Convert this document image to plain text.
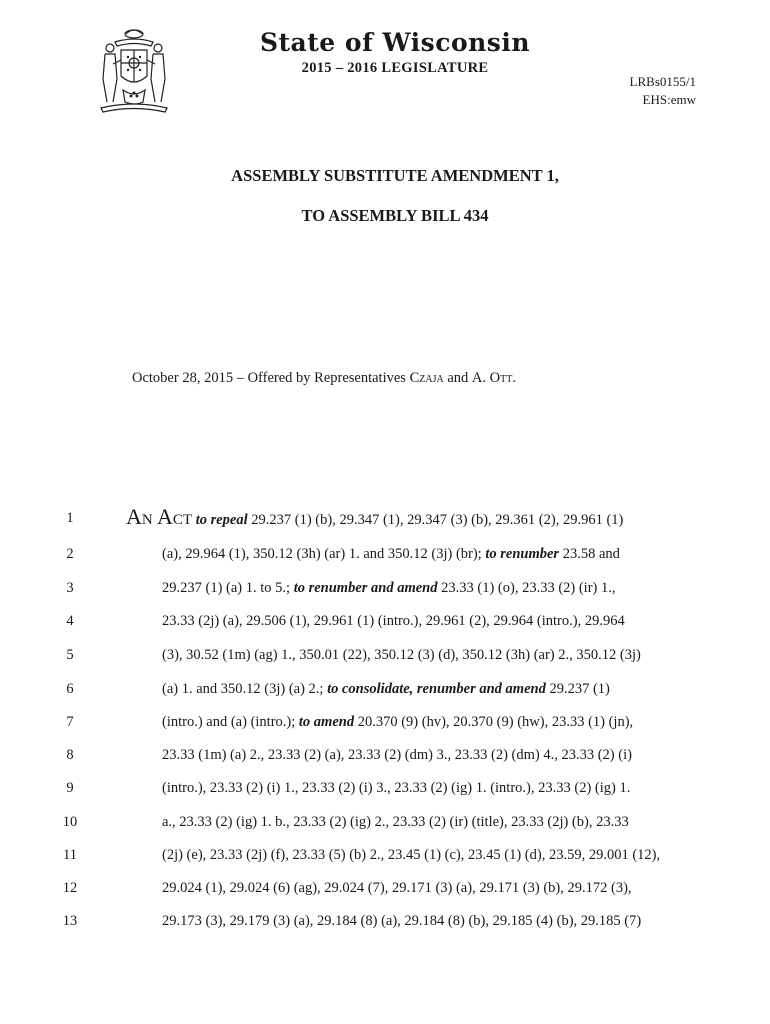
State of Wisconsin
2015 – 2016 LEGISLATURE
LRBs0155/1
EHS:emw
ASSEMBLY SUBSTITUTE AMENDMENT 1,
TO ASSEMBLY BILL 434
October 28, 2015 – Offered by Representatives Czaja and A. Ott.
1
2
3
4
5
6
7
8
9
10
11
12
13
An Act to repeal 29.237 (1) (b), 29.347 (1), 29.347 (3) (b), 29.361 (2), 29.961 (1)
(a), 29.964 (1), 350.12 (3h) (ar) 1. and 350.12 (3j) (br); to renumber 23.58 and
29.237 (1) (a) 1. to 5.; to renumber and amend 23.33 (1) (o), 23.33 (2) (ir) 1.,
23.33 (2j) (a), 29.506 (1), 29.961 (1) (intro.), 29.961 (2), 29.964 (intro.), 29.964
(3), 30.52 (1m) (ag) 1., 350.01 (22), 350.12 (3) (d), 350.12 (3h) (ar) 2., 350.12 (3j)
(a) 1. and 350.12 (3j) (a) 2.; to consolidate, renumber and amend 29.237 (1)
(intro.) and (a) (intro.); to amend 20.370 (9) (hv), 20.370 (9) (hw), 23.33 (1) (jn),
23.33 (1m) (a) 2., 23.33 (2) (a), 23.33 (2) (dm) 3., 23.33 (2) (dm) 4., 23.33 (2) (i)
(intro.), 23.33 (2) (i) 1., 23.33 (2) (i) 3., 23.33 (2) (ig) 1. (intro.), 23.33 (2) (ig) 1.
a., 23.33 (2) (ig) 1. b., 23.33 (2) (ig) 2., 23.33 (2) (ir) (title), 23.33 (2j) (b), 23.33
(2j) (e), 23.33 (2j) (f), 23.33 (5) (b) 2., 23.45 (1) (c), 23.45 (1) (d), 23.59, 29.001 (12),
29.024 (1), 29.024 (6) (ag), 29.024 (7), 29.171 (3) (a), 29.171 (3) (b), 29.172 (3),
29.173 (3), 29.179 (3) (a), 29.184 (8) (a), 29.184 (8) (b), 29.185 (4) (b), 29.185 (7)
